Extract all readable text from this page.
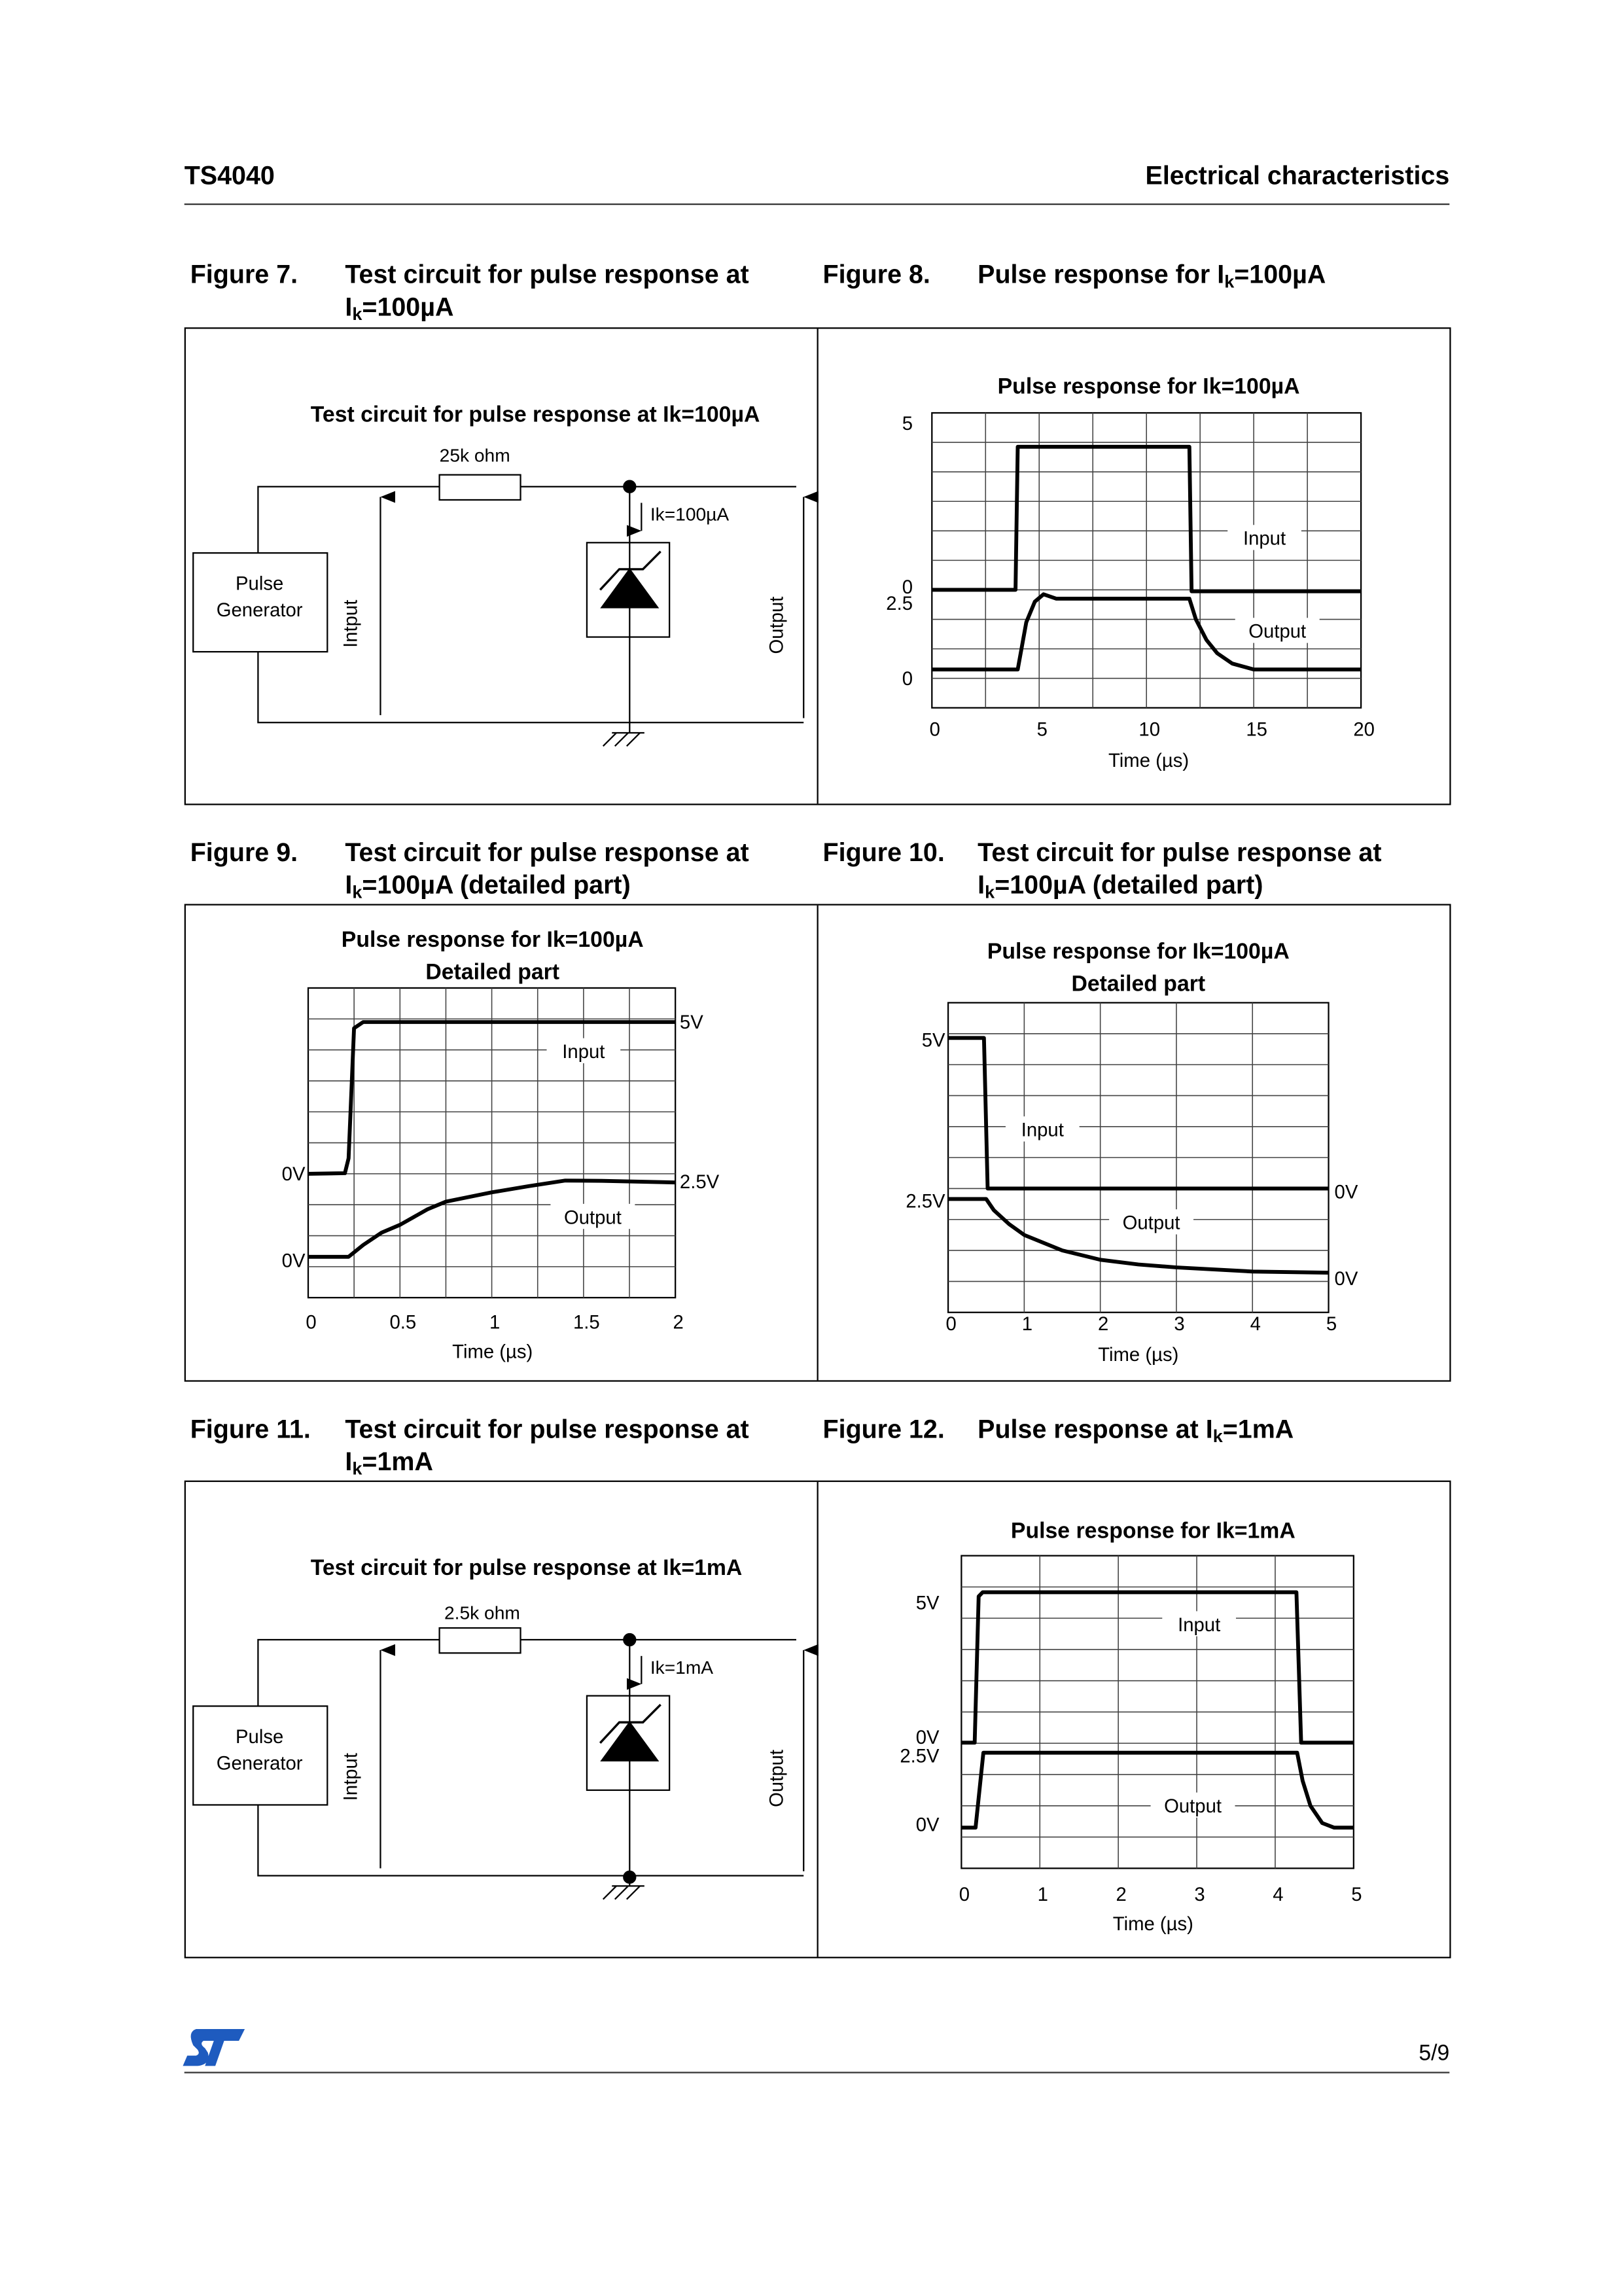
TS4040	Electrical characteristics
Figure 7.	Test circuit for pulse response at $I_k=100\mu A$
Figure 8.	Pulse response for $I_k=100\mu A$
Figure 9.	Test circuit for pulse response at $I_k=100\mu A$ (detailed part)
Figure 10.	Test circuit for pulse response at $I_k=100\mu A$ (detailed part)
Figure 11.	Test circuit for pulse response at $I_k=1mA$
Figure 12.	Pulse response at $I_k=1mA$
Test circuit for pulse response at Ik=100µA
25k ohm
Ik=100µA
Pulse
Generator	Intput	Output
Test circuit for pulse response at Ik=1mA
2.5k ohm
Ik=1mA
Pulse
Generator	Intput	Output
Pulse response for Ik=100µA
Input
Output
0	5	10	15	20
Time (µs)
5
0
2.5
0
Pulse response for Ik=100µA
Detailed part
Input
Output
0	0.5	1	1.5	2
Time (µs)
0V
0V
5V
2.5V
Pulse response for Ik=100µA
Detailed part
Input
Output
0	1	2	3	4	5
Time (µs)
5V
2.5V	0V
0V
Pulse response for Ik=1mA
Input
Output
0	1	2	3	4	5
Time (µs)
5V
0V
2.5V
0V
5/9
